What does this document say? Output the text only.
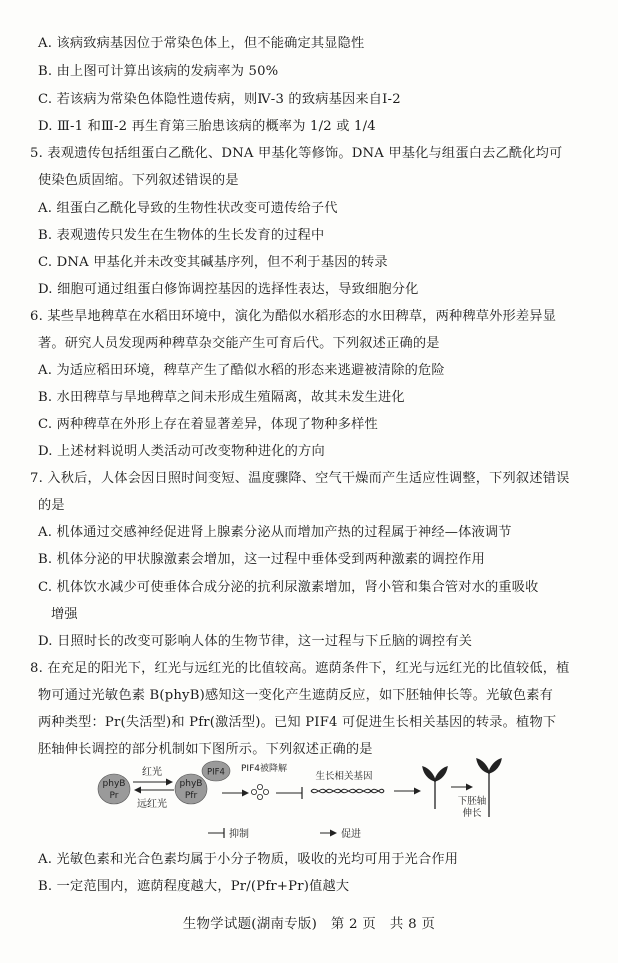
A. 该病致病基因位于常染色体上，但不能确定其显隐性
B. 由上图可计算出该病的发病率为 50%
C. 若该病为常染色体隐性遗传病，则Ⅳ-3 的致病基因来自Ⅰ-2
D. Ⅲ-1 和Ⅲ-2 再生育第三胎患该病的概率为 1/2 或 1/4
5. 表观遗传包括组蛋白乙酰化、DNA 甲基化等修饰。DNA 甲基化与组蛋白去乙酰化均可
使染色质固缩。下列叙述错误的是
A. 组蛋白乙酰化导致的生物性状改变可遗传给子代
B. 表观遗传只发生在生物体的生长发育的过程中
C. DNA 甲基化并未改变其碱基序列，但不利于基因的转录
D. 细胞可通过组蛋白修饰调控基因的选择性表达，导致细胞分化
6. 某些旱地稗草在水稻田环境中，演化为酷似水稻形态的水田稗草，两种稗草外形差异显
著。研究人员发现两种稗草杂交能产生可育后代。下列叙述正确的是
A. 为适应稻田环境，稗草产生了酷似水稻的形态来逃避被清除的危险
B. 水田稗草与旱地稗草之间未形成生殖隔离，故其未发生进化
C. 两种稗草在外形上存在着显著差异，体现了物种多样性
D. 上述材料说明人类活动可改变物种进化的方向
7. 入秋后，人体会因日照时间变短、温度骤降、空气干燥而产生适应性调整，下列叙述错误
的是
A. 机体通过交感神经促进肾上腺素分泌从而增加产热的过程属于神经—体液调节
B. 机体分泌的甲状腺激素会增加，这一过程中垂体受到两种激素的调控作用
C. 机体饮水减少可使垂体合成分泌的抗利尿激素增加，肾小管和集合管对水的重吸收
增强
D. 日照时长的改变可影响人体的生物节律，这一过程与下丘脑的调控有关
8. 在充足的阳光下，红光与远红光的比值较高。遮荫条件下，红光与远红光的比值较低，植
物可通过光敏色素 B(phyB)感知这一变化产生遮荫反应，如下胚轴伸长等。光敏色素有
两种类型：Pr(失活型)和 Pfr(激活型)。已知 PIF4 可促进生长相关基因的转录。植物下
胚轴伸长调控的部分机制如下图所示。下列叙述正确的是
phyB
Pr
红光
远红光
phyB
Pfr
PIF4 PIF4被降解
生长相关基因
下胚轴
伸长
抑制	促进
A. 光敏色素和光合色素均属于小分子物质，吸收的光均可用于光合作用
B. 一定范围内，遮荫程度越大，Pr/(Pfr+Pr)值越大
生物学试题(湖南专版)　第 2 页　共 8 页
